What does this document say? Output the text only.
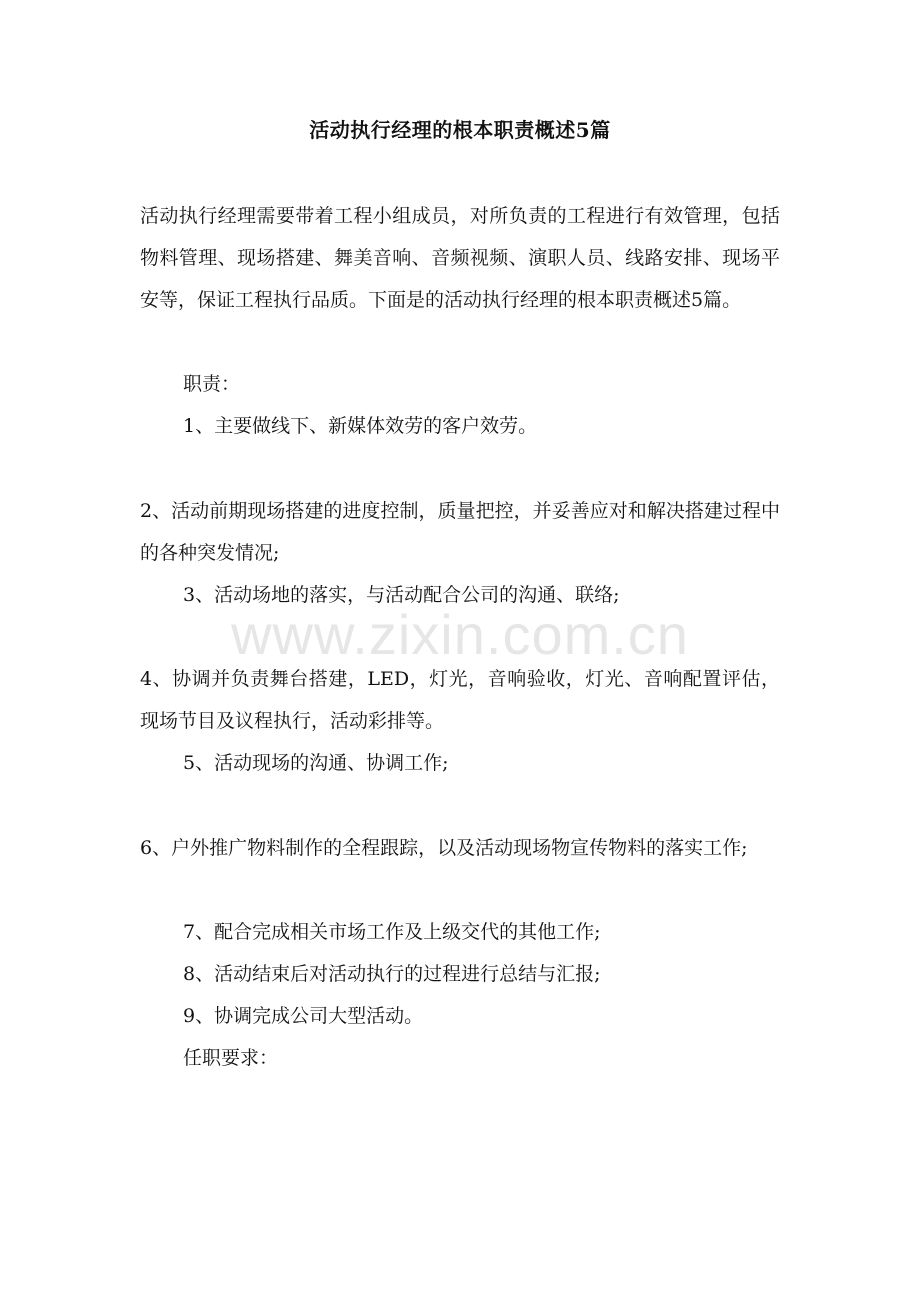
活动执行经理的根本职责概述5篇

活动执行经理需要带着工程小组成员，对所负责的工程进行有效管理，包括物料管理、现场搭建、舞美音响、音频视频、演职人员、线路安排、现场平安等，保证工程执行品质。下面是的活动执行经理的根本职责概述5篇。

职责：

1、主要做线下、新媒体效劳的客户效劳。

2、活动前期现场搭建的进度控制，质量把控，并妥善应对和解决搭建过程中的各种突发情况;

3、活动场地的落实，与活动配合公司的沟通、联络;

4、协调并负责舞台搭建，LED，灯光，音响验收，灯光、音响配置评估，现场节目及议程执行，活动彩排等。

5、活动现场的沟通、协调工作;

6、户外推广物料制作的全程跟踪，以及活动现场物宣传物料的落实工作;

7、配合完成相关市场工作及上级交代的其他工作;

8、活动结束后对活动执行的过程进行总结与汇报;

9、协调完成公司大型活动。

任职要求：

www.zixin.com.cn
